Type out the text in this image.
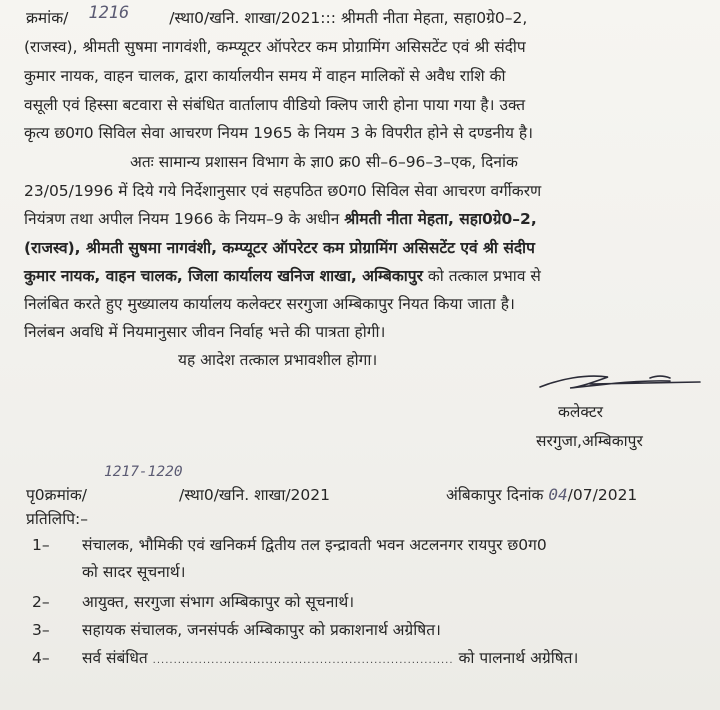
क्रमांक/ 1216	/स्था0/खनि. शाखा/2021::: श्रीमती नीता मेहता, सहा0ग्रे0–2,
(राजस्व), श्रीमती सुषमा नागवंशी, कम्प्यूटर ऑपरेटर कम प्रोग्रामिंग असिसटेंट एवं श्री संदीप
कुमार नायक, वाहन चालक, द्वारा कार्यालयीन समय में वाहन मालिकों से अवैध राशि की
वसूली एवं हिस्सा बटवारा से संबंधित वार्तालाप वीडियो क्लिप जारी होना पाया गया है। उक्त
कृत्य छ0ग0 सिविल सेवा आचरण नियम 1965 के नियम 3 के विपरीत होने से दण्डनीय है।
अतः सामान्य प्रशासन विभाग के ज्ञा0 क्र0 सी–6–96–3–एक, दिनांक
23/05/1996 में दिये गये निर्देशानुसार एवं सहपठित छ0ग0 सिविल सेवा आचरण वर्गीकरण
नियंत्रण तथा अपील नियम 1966 के नियम–9 के अधीन श्रीमती नीता मेहता, सहा0ग्रे0–2,
(राजस्व), श्रीमती सुषमा नागवंशी, कम्प्यूटर ऑपरेटर कम प्रोग्रामिंग असिसटेंट एवं श्री संदीप
कुमार नायक, वाहन चालक, जिला कार्यालय खनिज शाखा, अम्बिकापुर को तत्काल प्रभाव से
निलंबित करते हुए मुख्यालय कार्यालय कलेक्टर सरगुजा अम्बिकापुर नियत किया जाता है।
निलंबन अवधि में नियमानुसार जीवन निर्वाह भत्ते की पात्रता होगी।
यह आदेश तत्काल प्रभावशील होगा।
कलेक्टर
सरगुजा,अम्बिकापुर
1217-1220
पृ0क्रमांक/	/स्था0/खनि. शाखा/2021	अंबिकापुर दिनांक 04/07/2021
प्रतिलिपि:–
1– संचालक, भौमिकी एवं खनिकर्म द्वितीय तल इन्द्रावती भवन अटलनगर रायपुर छ0ग0
को सादर सूचनार्थ।
2– आयुक्त, सरगुजा संभाग अम्बिकापुर को सूचनार्थ।
3– सहायक संचालक, जनसंपर्क अम्बिकापुर को प्रकाशनार्थ अग्रेषित।
4– सर्व संबंधित ........................................................................ को पालनार्थ अग्रेषित।
